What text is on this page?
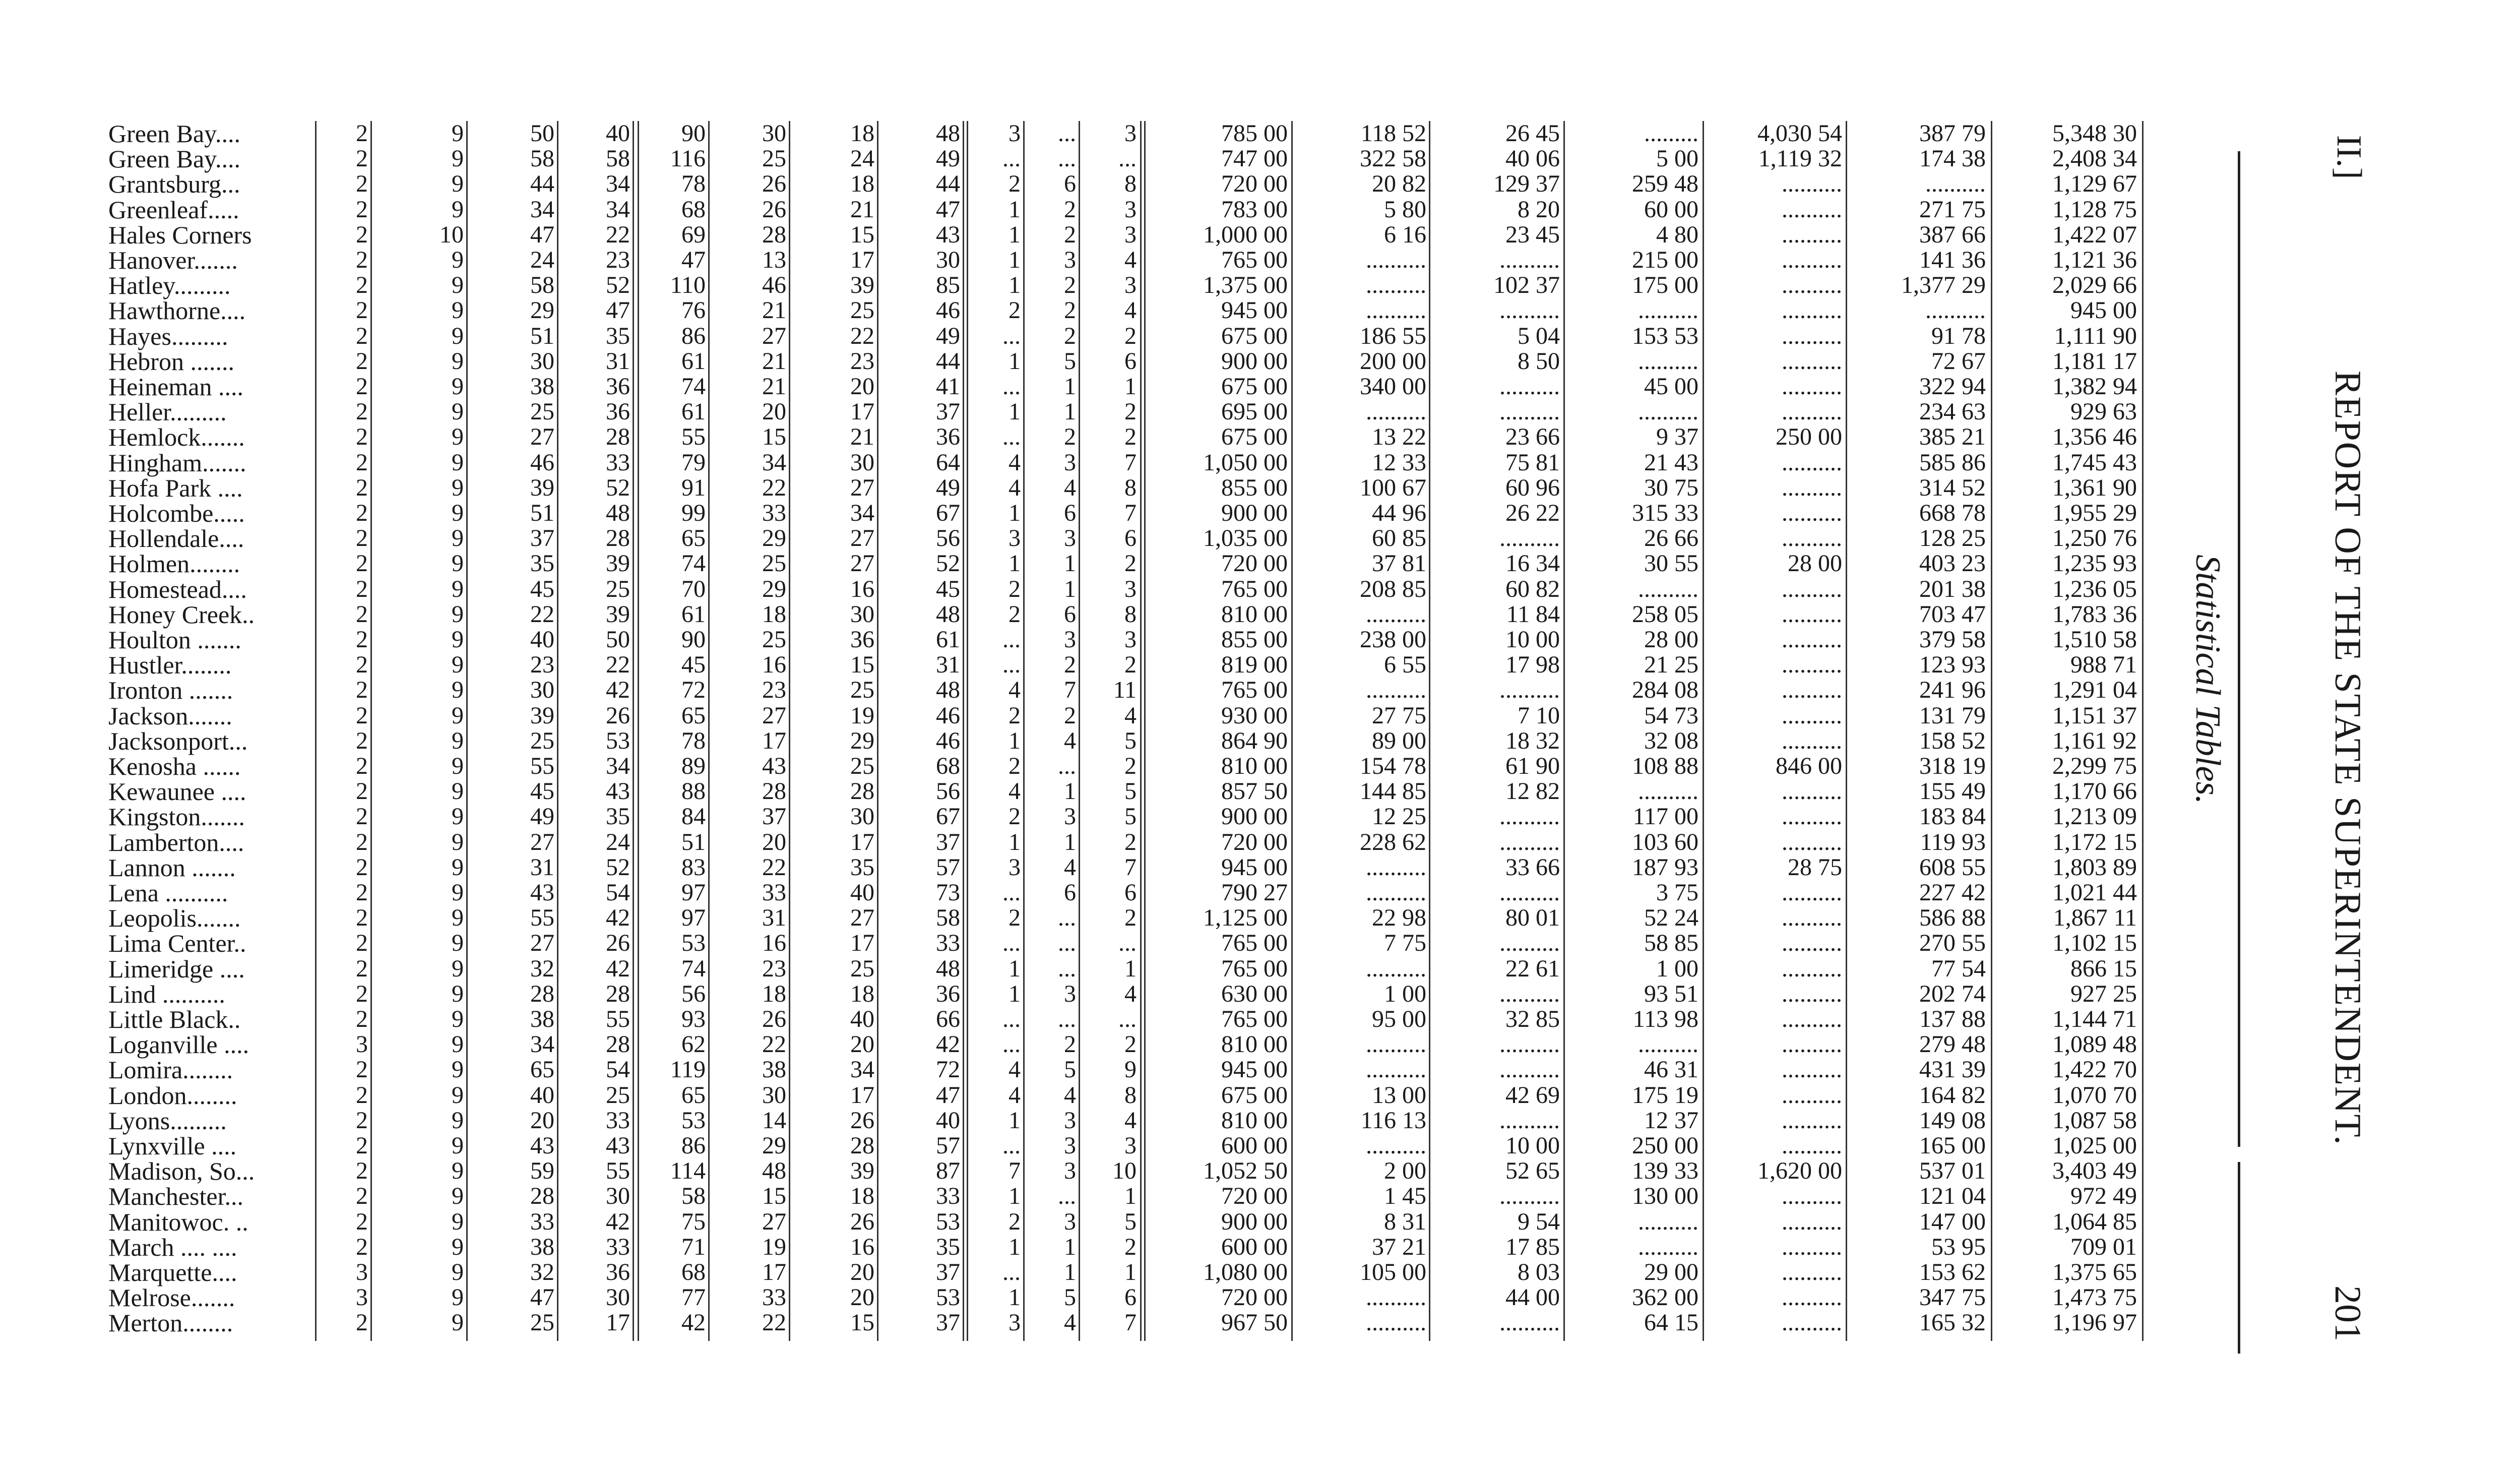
Green Bay....	2	9	50	40	90	30	18	48	3	...	3	785 00	118 52	26 45	.........	4,030 54	387 79	5,348 30
Green Bay....	2	9	58	58	116	25	24	49	...	...	...	747 00	322 58	40 06	5 00	1,119 32	174 38	2,408 34
Grantsburg...	2	9	44	34	78	26	18	44	2	6	8	720 00	20 82	129 37	259 48	..........	..........	1,129 67
Greenleaf.....	2	9	34	34	68	26	21	47	1	2	3	783 00	5 80	8 20	60 00	..........	271 75	1,128 75
Hales Corners	2	10	47	22	69	28	15	43	1	2	3	1,000 00	6 16	23 45	4 80	..........	387 66	1,422 07
Hanover.......	2	9	24	23	47	13	17	30	1	3	4	765 00	..........	..........	215 00	..........	141 36	1,121 36
Hatley.........	2	9	58	52	110	46	39	85	1	2	3	1,375 00	..........	102 37	175 00	..........	1,377 29	2,029 66
Hawthorne....	2	9	29	47	76	21	25	46	2	2	4	945 00	..........	..........	..........	..........	..........	945 00
Hayes.........	2	9	51	35	86	27	22	49	...	2	2	675 00	186 55	5 04	153 53	..........	91 78	1,111 90
Hebron .......	2	9	30	31	61	21	23	44	1	5	6	900 00	200 00	8 50	..........	..........	72 67	1,181 17
Heineman ....	2	9	38	36	74	21	20	41	...	1	1	675 00	340 00	..........	45 00	..........	322 94	1,382 94
Heller.........	2	9	25	36	61	20	17	37	1	1	2	695 00	..........	..........	..........	..........	234 63	929 63
Hemlock.......	2	9	27	28	55	15	21	36	...	2	2	675 00	13 22	23 66	9 37	250 00	385 21	1,356 46
Hingham.......	2	9	46	33	79	34	30	64	4	3	7	1,050 00	12 33	75 81	21 43	..........	585 86	1,745 43
Hofa Park ....	2	9	39	52	91	22	27	49	4	4	8	855 00	100 67	60 96	30 75	..........	314 52	1,361 90
Holcombe.....	2	9	51	48	99	33	34	67	1	6	7	900 00	44 96	26 22	315 33	..........	668 78	1,955 29
Hollendale....	2	9	37	28	65	29	27	56	3	3	6	1,035 00	60 85	..........	26 66	..........	128 25	1,250 76
Holmen........	2	9	35	39	74	25	27	52	1	1	2	720 00	37 81	16 34	30 55	28 00	403 23	1,235 93
Homestead....	2	9	45	25	70	29	16	45	2	1	3	765 00	208 85	60 82	..........	..........	201 38	1,236 05
Honey Creek..	2	9	22	39	61	18	30	48	2	6	8	810 00	..........	11 84	258 05	..........	703 47	1,783 36
Houlton .......	2	9	40	50	90	25	36	61	...	3	3	855 00	238 00	10 00	28 00	..........	379 58	1,510 58
Hustler........	2	9	23	22	45	16	15	31	...	2	2	819 00	6 55	17 98	21 25	..........	123 93	988 71
Ironton .......	2	9	30	42	72	23	25	48	4	7	11	765 00	..........	..........	284 08	..........	241 96	1,291 04
Jackson.......	2	9	39	26	65	27	19	46	2	2	4	930 00	27 75	7 10	54 73	..........	131 79	1,151 37
Jacksonport...	2	9	25	53	78	17	29	46	1	4	5	864 90	89 00	18 32	32 08	..........	158 52	1,161 92
Kenosha ......	2	9	55	34	89	43	25	68	2	...	2	810 00	154 78	61 90	108 88	846 00	318 19	2,299 75
Kewaunee ....	2	9	45	43	88	28	28	56	4	1	5	857 50	144 85	12 82	..........	..........	155 49	1,170 66
Kingston.......	2	9	49	35	84	37	30	67	2	3	5	900 00	12 25	..........	117 00	..........	183 84	1,213 09
Lamberton....	2	9	27	24	51	20	17	37	1	1	2	720 00	228 62	..........	103 60	..........	119 93	1,172 15
Lannon .......	2	9	31	52	83	22	35	57	3	4	7	945 00	..........	33 66	187 93	28 75	608 55	1,803 89
Lena ..........	2	9	43	54	97	33	40	73	...	6	6	790 27	..........	..........	3 75	..........	227 42	1,021 44
Leopolis.......	2	9	55	42	97	31	27	58	2	...	2	1,125 00	22 98	80 01	52 24	..........	586 88	1,867 11
Lima Center..	2	9	27	26	53	16	17	33	...	...	...	765 00	7 75	..........	58 85	..........	270 55	1,102 15
Limeridge ....	2	9	32	42	74	23	25	48	1	...	1	765 00	..........	22 61	1 00	..........	77 54	866 15
Lind ..........	2	9	28	28	56	18	18	36	1	3	4	630 00	1 00	..........	93 51	..........	202 74	927 25
Little Black..	2	9	38	55	93	26	40	66	...	...	...	765 00	95 00	32 85	113 98	..........	137 88	1,144 71
Loganville ....	3	9	34	28	62	22	20	42	...	2	2	810 00	..........	..........	..........	..........	279 48	1,089 48
Lomira........	2	9	65	54	119	38	34	72	4	5	9	945 00	..........	..........	46 31	..........	431 39	1,422 70
London........	2	9	40	25	65	30	17	47	4	4	8	675 00	13 00	42 69	175 19	..........	164 82	1,070 70
Lyons.........	2	9	20	33	53	14	26	40	1	3	4	810 00	116 13	..........	12 37	..........	149 08	1,087 58
Lynxville ....	2	9	43	43	86	29	28	57	...	3	3	600 00	..........	10 00	250 00	..........	165 00	1,025 00
Madison, So...	2	9	59	55	114	48	39	87	7	3	10	1,052 50	2 00	52 65	139 33	1,620 00	537 01	3,403 49
Manchester...	2	9	28	30	58	15	18	33	1	...	1	720 00	1 45	..........	130 00	..........	121 04	972 49
Manitowoc. ..	2	9	33	42	75	27	26	53	2	3	5	900 00	8 31	9 54	..........	..........	147 00	1,064 85
March .... ....	2	9	38	33	71	19	16	35	1	1	2	600 00	37 21	17 85	..........	..........	53 95	709 01
Marquette....	3	9	32	36	68	17	20	37	...	1	1	1,080 00	105 00	8 03	29 00	..........	153 62	1,375 65
Melrose.......	3	9	47	30	77	33	20	53	1	5	6	720 00	..........	44 00	362 00	..........	347 75	1,473 75
Merton........	2	9	25	17	42	22	15	37	3	4	7	967 50	..........	..........	64 15	..........	165 32	1,196 97
II.]
REPORT OF THE STATE SUPERINTENDENT.
Statistical Tables.
201
